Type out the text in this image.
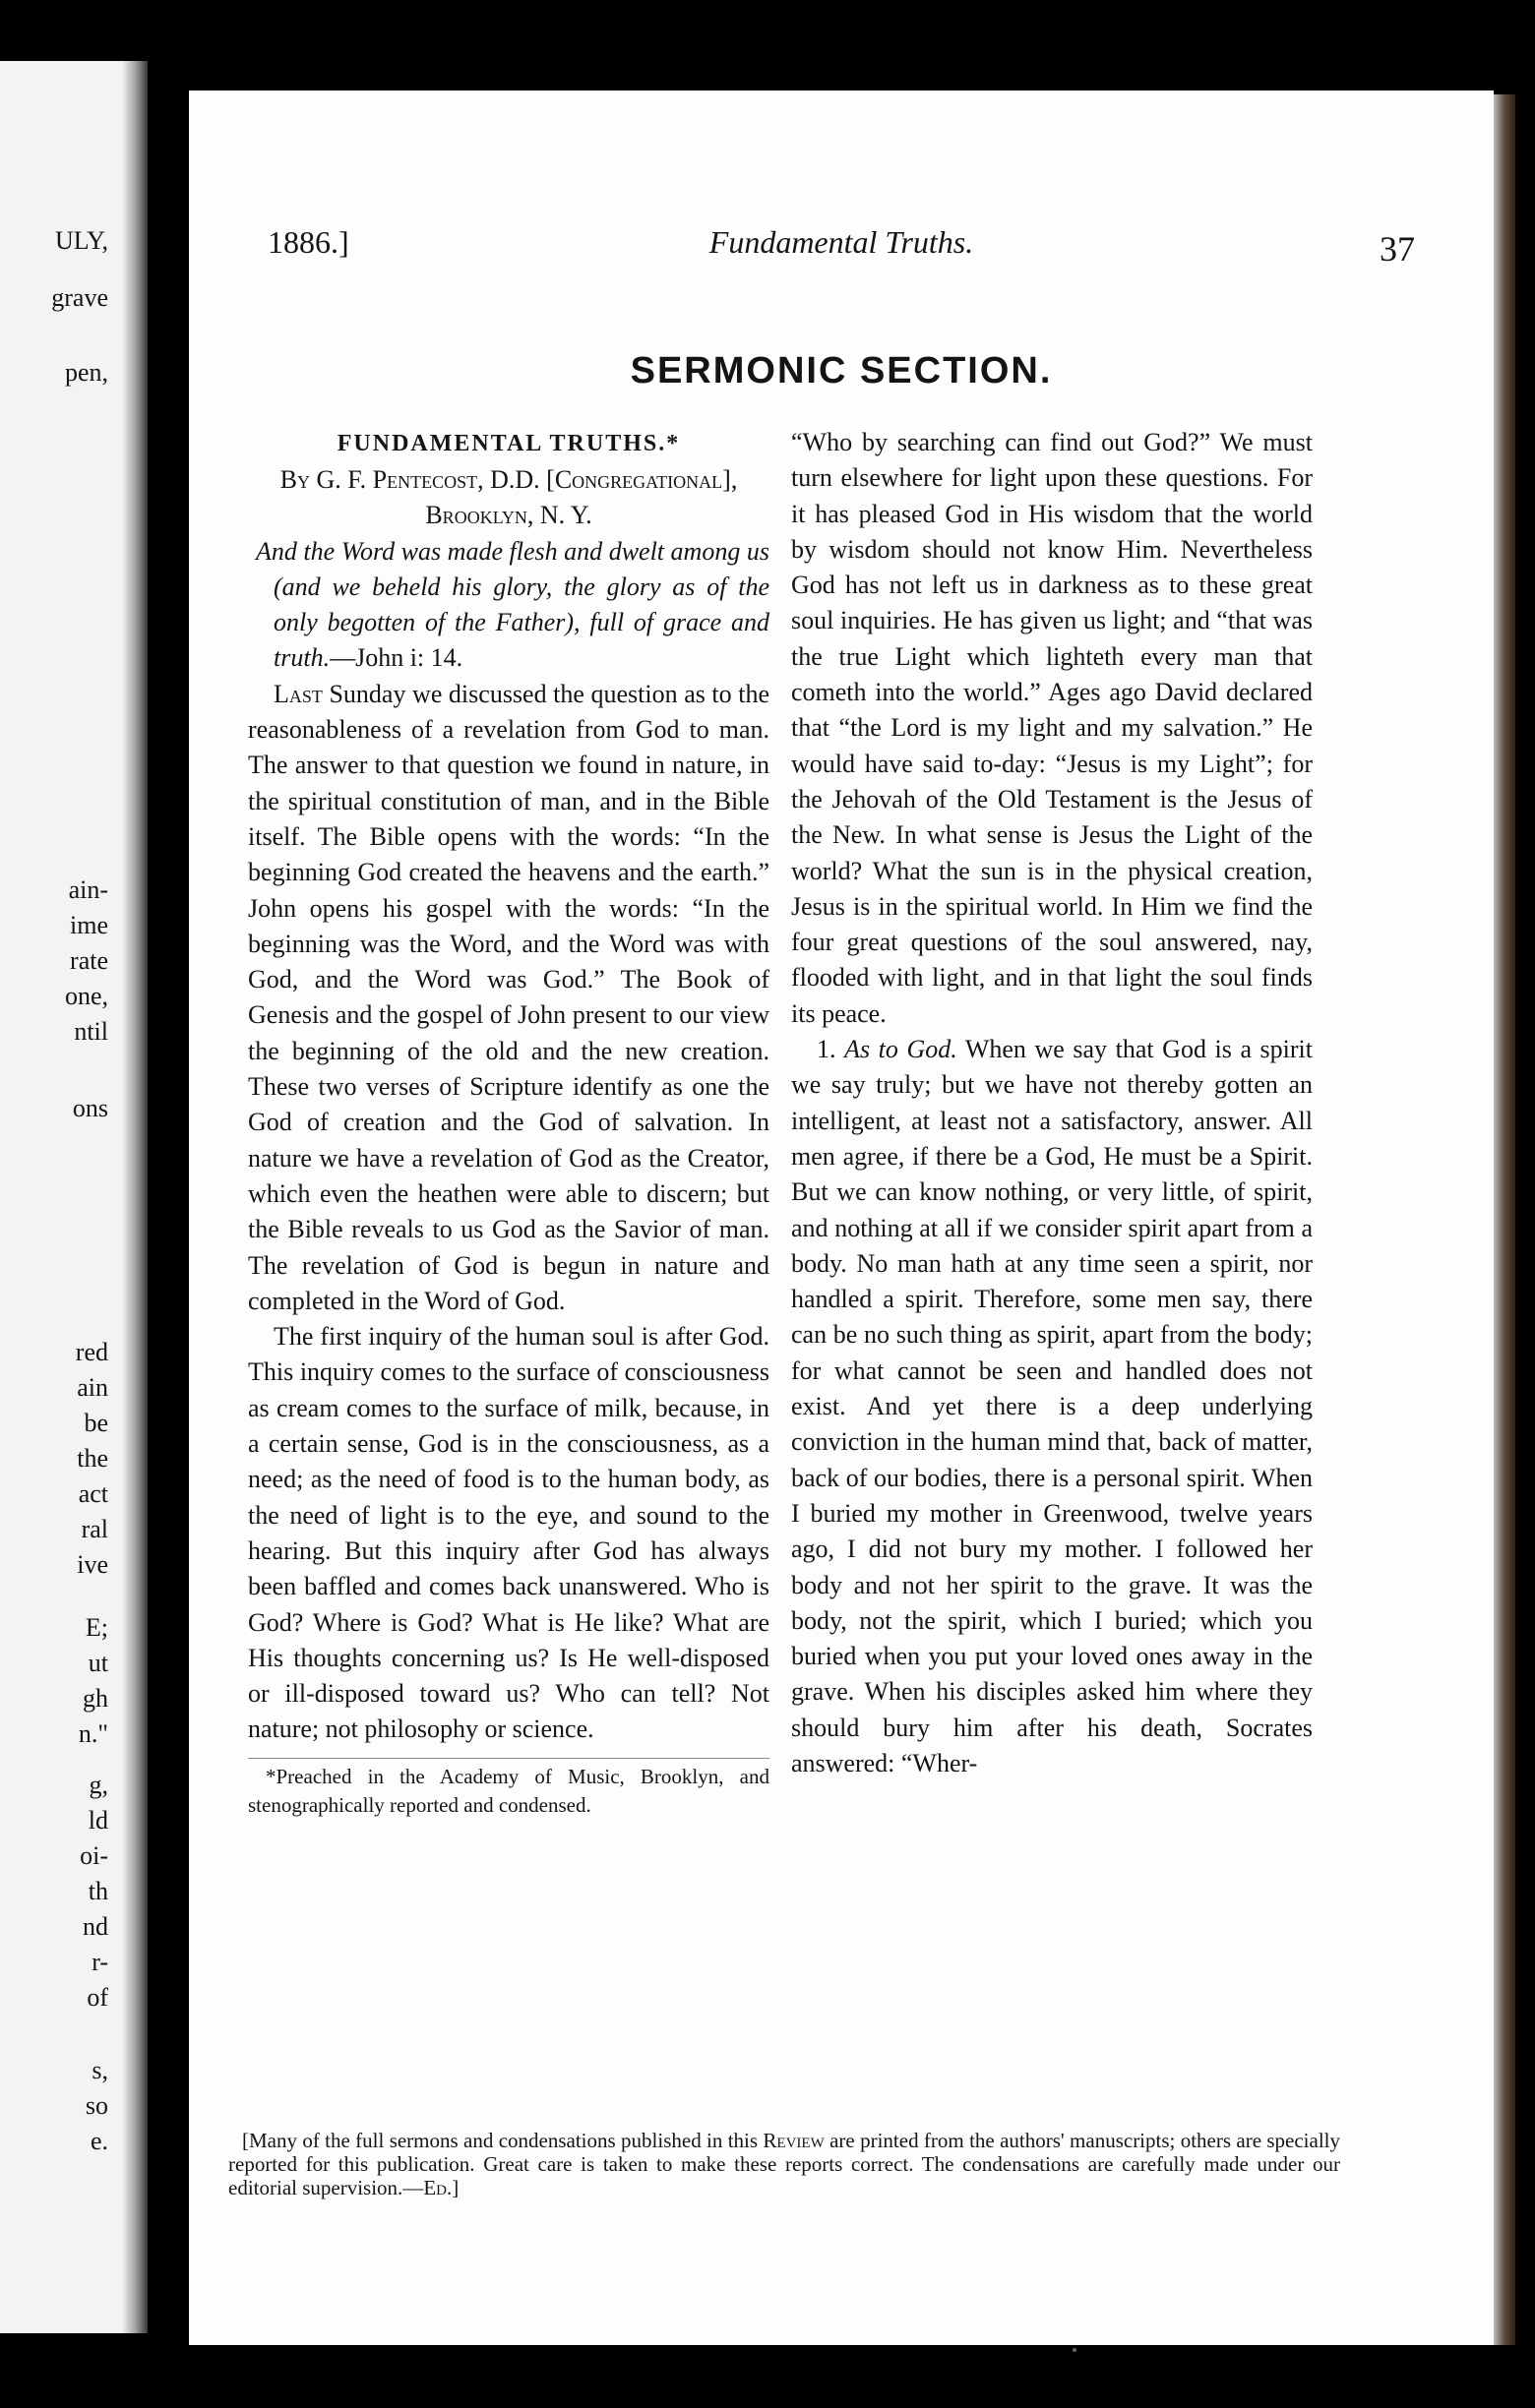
ULY,
grave
pen,
ain-
ime
rate
one,
ntil
ons
red
ain
be
the
act
ral
ive
E;
ut
gh
n."
g,
ld
oi-
th
nd
r-
of
s,
so
e.
1886.]	Fundamental Truths.	37
SERMONIC SECTION.

FUNDAMENTAL TRUTHS.*

By G. F. Pentecost, D.D. [Congregational], Brooklyn, N. Y.

And the Word was made flesh and dwelt among us (and we beheld his glory, the glory as of the only begotten of the Father), full of grace and truth.—John i: 14.

Last Sunday we discussed the question as to the reasonableness of a revelation from God to man. The answer to that question we found in nature, in the spiritual constitution of man, and in the Bible itself. The Bible opens with the words: “In the beginning God created the heavens and the earth.” John opens his gospel with the words: “In the beginning was the Word, and the Word was with God, and the Word was God.” The Book of Genesis and the gospel of John present to our view the beginning of the old and the new creation. These two verses of Scripture identify as one the God of creation and the God of salvation. In nature we have a revelation of God as the Creator, which even the heathen were able to discern; but the Bible reveals to us God as the Savior of man. The revelation of God is begun in nature and completed in the Word of God.

The first inquiry of the human soul is after God. This inquiry comes to the surface of consciousness as cream comes to the surface of milk, because, in a certain sense, God is in the consciousness, as a need; as the need of food is to the human body, as the need of light is to the eye, and sound to the hearing. But this inquiry after God has always been baffled and comes back unanswered. Who is God? Where is God? What is He like? What are His thoughts concerning us? Is He well-disposed or ill-disposed toward us? Who can tell? Not nature; not philosophy or science.

*Preached in the Academy of Music, Brooklyn, and stenographically reported and condensed.

“Who by searching can find out God?” We must turn elsewhere for light upon these questions. For it has pleased God in His wisdom that the world by wisdom should not know Him. Nevertheless God has not left us in darkness as to these great soul inquiries. He has given us light; and “that was the true Light which lighteth every man that cometh into the world.” Ages ago David declared that “the Lord is my light and my salvation.” He would have said to-day: “Jesus is my Light”; for the Jehovah of the Old Testament is the Jesus of the New. In what sense is Jesus the Light of the world? What the sun is in the physical creation, Jesus is in the spiritual world. In Him we find the four great questions of the soul answered, nay, flooded with light, and in that light the soul finds its peace.

1. As to God. When we say that God is a spirit we say truly; but we have not thereby gotten an intelligent, at least not a satisfactory, answer. All men agree, if there be a God, He must be a Spirit. But we can know nothing, or very little, of spirit, and nothing at all if we consider spirit apart from a body. No man hath at any time seen a spirit, nor handled a spirit. Therefore, some men say, there can be no such thing as spirit, apart from the body; for what cannot be seen and handled does not exist. And yet there is a deep underlying conviction in the human mind that, back of matter, back of our bodies, there is a personal spirit. When I buried my mother in Greenwood, twelve years ago, I did not bury my mother. I followed her body and not her spirit to the grave. It was the body, not the spirit, which I buried; which you buried when you put your loved ones away in the grave. When his disciples asked him where they should bury him after his death, Socrates answered: “Wher-

[Many of the full sermons and condensations published in this Review are printed from the authors' manuscripts; others are specially reported for this publication. Great care is taken to make these reports correct. The condensations are carefully made under our editorial supervision.—Ed.]
